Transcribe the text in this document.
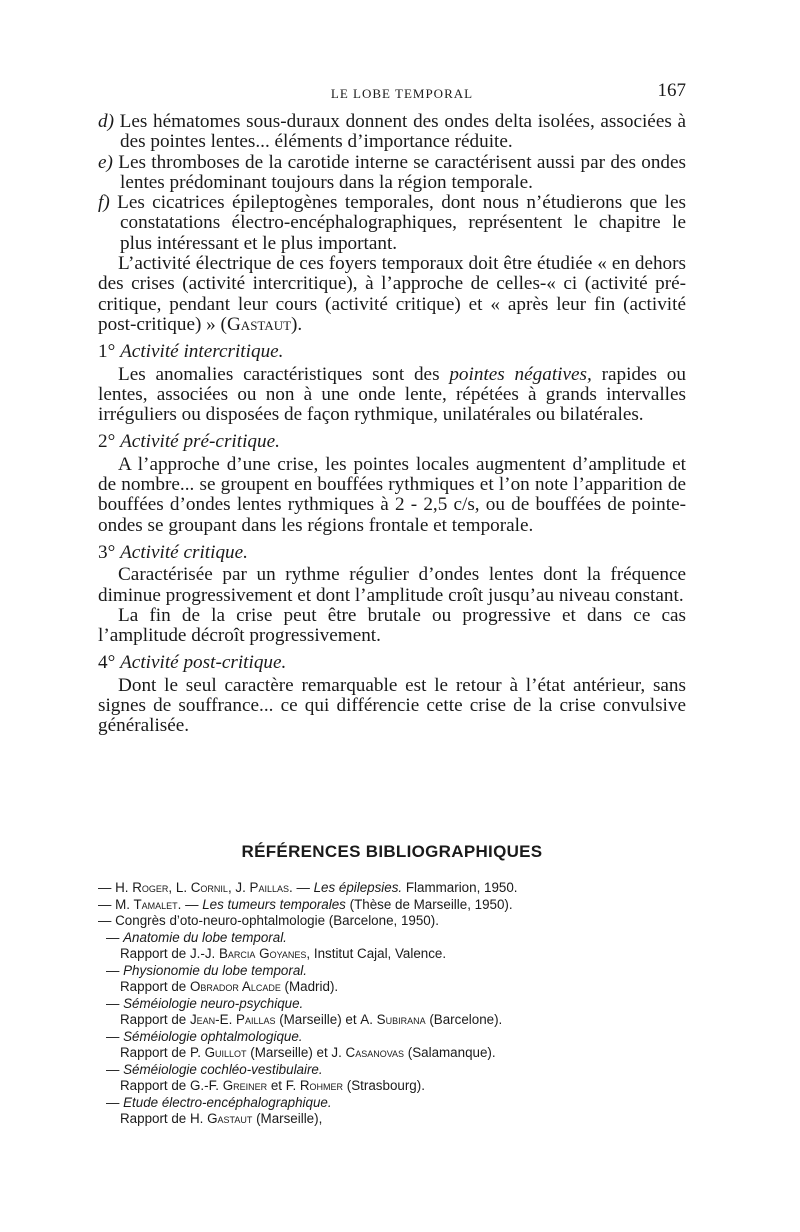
LE LOBE TEMPORAL	167

d) Les hématomes sous-duraux donnent des ondes delta isolées, associées à des pointes lentes... éléments d’importance réduite.

e) Les thromboses de la carotide interne se caractérisent aussi par des ondes lentes prédominant toujours dans la région temporale.

f) Les cicatrices épileptogènes temporales, dont nous n’étudierons que les constatations électro-encéphalographiques, représentent le chapitre le plus intéressant et le plus important.

L’activité électrique de ces foyers temporaux doit être étudiée « en dehors des crises (activité intercritique), à l’approche de celles-« ci (activité pré-critique, pendant leur cours (activité critique) et « après leur fin (activité post-critique) » (Gastaut).

1° Activité intercritique.

Les anomalies caractéristiques sont des pointes négatives, rapides ou lentes, associées ou non à une onde lente, répétées à grands intervalles irréguliers ou disposées de façon rythmique, unilatérales ou bilatérales.

2° Activité pré-critique.

A l’approche d’une crise, les pointes locales augmentent d’amplitude et de nombre... se groupent en bouffées rythmiques et l’on note l’apparition de bouffées d’ondes lentes rythmiques à 2 - 2,5 c/s, ou de bouffées de pointe-ondes se groupant dans les régions frontale et temporale.

3° Activité critique.

Caractérisée par un rythme régulier d’ondes lentes dont la fréquence diminue progressivement et dont l’amplitude croît jusqu’au niveau constant.

La fin de la crise peut être brutale ou progressive et dans ce cas l’amplitude décroît progressivement.

4° Activité post-critique.

Dont le seul caractère remarquable est le retour à l’état antérieur, sans signes de souffrance... ce qui différencie cette crise de la crise convulsive généralisée.

RÉFÉRENCES BIBLIOGRAPHIQUES
— H. Roger, L. Cornil, J. Paillas. — Les épilepsies. Flammarion, 1950.
— M. Tamalet. — Les tumeurs temporales (Thèse de Marseille, 1950).
— Congrès d’oto-neuro-ophtalmologie (Barcelone, 1950).
— Anatomie du lobe temporal.
Rapport de J.-J. Barcia Goyanes, Institut Cajal, Valence.
— Physionomie du lobe temporal.
Rapport de Obrador Alcade (Madrid).
— Séméiologie neuro-psychique.
Rapport de Jean-E. Paillas (Marseille) et A. Subirana (Barcelone).
— Séméiologie ophtalmologique.
Rapport de P. Guillot (Marseille) et J. Casanovas (Salamanque).
— Séméiologie cochléo-vestibulaire.
Rapport de G.-F. Greiner et F. Rohmer (Strasbourg).
— Etude électro-encéphalographique.
Rapport de H. Gastaut (Marseille),
